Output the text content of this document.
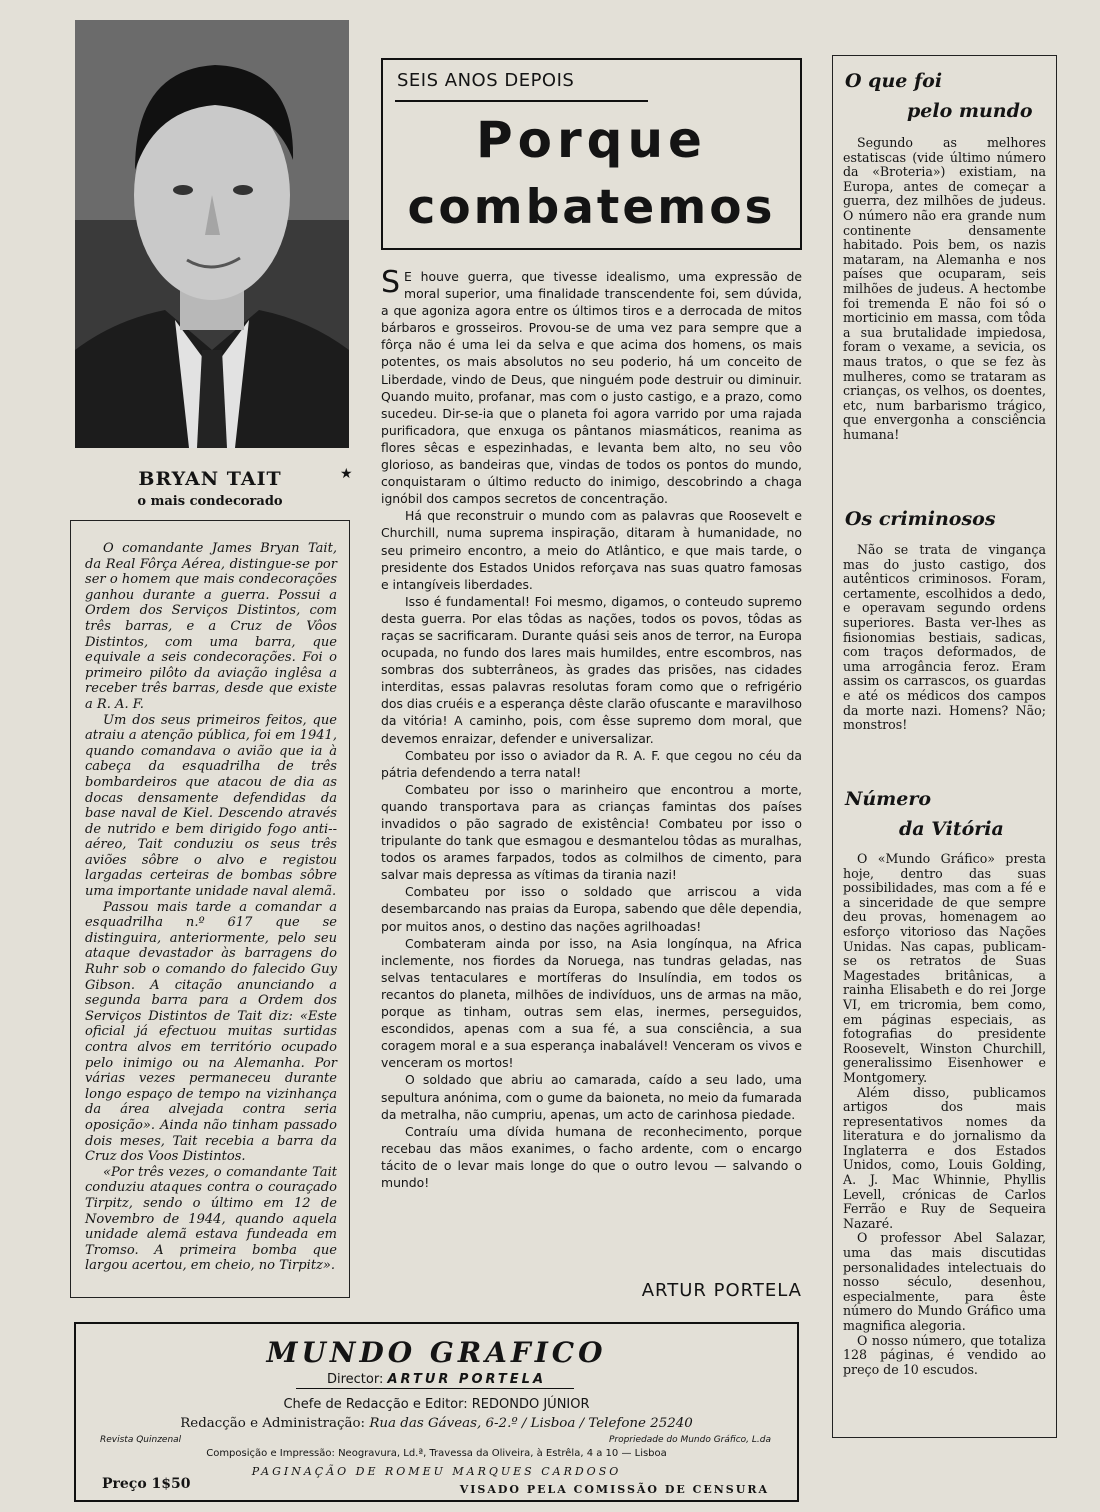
BRYAN TAIT	★
o mais condecorado

O comandante James Bryan Tait, da Real Fôrça Aérea, distingue-se por ser o homem que mais condecorações ganhou durante a guerra. Possui a Ordem dos Serviços Distintos, com três barras, e a Cruz de Vôos Distintos, com uma barra, que equivale a seis condecorações. Foi o primeiro pilôto da aviação inglêsa a receber três barras, desde que existe a R. A. F.

Um dos seus primeiros feitos, que atraiu a atenção pública, foi em 1941, quando comandava o avião que ia à cabeça da esquadrilha de três bombardeiros que atacou de dia as docas densamente defendidas da base naval de Kiel. Descendo através de nutrido e bem dirigido fogo anti--aéreo, Tait conduziu os seus três aviões sôbre o alvo e registou largadas certeiras de bombas sôbre uma importante unidade naval alemã.

Passou mais tarde a comandar a esquadrilha n.º 617 que se distinguira, anteriormente, pelo seu ataque devastador às barragens do Ruhr sob o comando do falecido Guy Gibson. A citação anunciando a segunda barra para a Ordem dos Serviços Distintos de Tait diz: «Este oficial já efectuou muitas surtidas contra alvos em território ocupado pelo inimigo ou na Alemanha. Por várias vezes permaneceu durante longo espaço de tempo na vizinhança da área alvejada contra seria oposição». Ainda não tinham passado dois meses, Tait recebia a barra da Cruz dos Voos Distintos.

«Por três vezes, o comandante Tait conduziu ataques contra o couraçado Tirpitz, sendo o último em 12 de Novembro de 1944, quando aquela unidade alemã estava fundeada em Tromso. A primeira bomba que largou acertou, em cheio, no Tirpitz».

SEIS ANOS DEPOIS
Porque
combatemos

S E houve guerra, que tivesse idealismo, uma expressão de moral superior, uma finalidade transcendente foi, sem dúvida, a que agoniza agora entre os últimos tiros e a derrocada de mitos bárbaros e grosseiros. Provou-se de uma vez para sempre que a fôrça não é uma lei da selva e que acima dos homens, os mais potentes, os mais absolutos no seu poderio, há um conceito de Liberdade, vindo de Deus, que ninguém pode destruir ou diminuir. Quando muito, profanar, mas com o justo castigo, e a prazo, como sucedeu. Dir-se-ia que o planeta foi agora varrido por uma rajada purificadora, que enxuga os pântanos miasmáticos, reanima as flores sêcas e espezinhadas, e levanta bem alto, no seu vôo glorioso, as bandeiras que, vindas de todos os pontos do mundo, conquistaram o último reducto do inimigo, descobrindo a chaga ignóbil dos campos secretos de concentração.

Há que reconstruir o mundo com as palavras que Roosevelt e Churchill, numa suprema inspiração, ditaram à humanidade, no seu primeiro encontro, a meio do Atlântico, e que mais tarde, o presidente dos Estados Unidos reforçava nas suas quatro famosas e intangíveis liberdades.

Isso é fundamental! Foi mesmo, digamos, o conteudo supremo desta guerra. Por elas tôdas as nações, todos os povos, tôdas as raças se sacrificaram. Durante quási seis anos de terror, na Europa ocupada, no fundo dos lares mais humildes, entre escombros, nas sombras dos subterrâneos, às grades das prisões, nas cidades interditas, essas palavras resolutas foram como que o refrigério dos dias cruéis e a esperança dêste clarão ofuscante e maravilhoso da vitória! A caminho, pois, com êsse supremo dom moral, que devemos enraizar, defender e universalizar.

Combateu por isso o aviador da R. A. F. que cegou no céu da pátria defendendo a terra natal!

Combateu por isso o marinheiro que encontrou a morte, quando transportava para as crianças famintas dos países invadidos o pão sagrado de existência! Combateu por isso o tripulante do tank que esmagou e desmantelou tôdas as muralhas, todos os arames farpados, todos as colmilhos de cimento, para salvar mais depressa as vítimas da tirania nazi!

Combateu por isso o soldado que arriscou a vida desembarcando nas praias da Europa, sabendo que dêle dependia, por muitos anos, o destino das nações agrilhoadas!

Combateram ainda por isso, na Asia longínqua, na Africa inclemente, nos fiordes da Noruega, nas tundras geladas, nas selvas tentaculares e mortíferas do Insulíndia, em todos os recantos do planeta, milhões de indivíduos, uns de armas na mão, porque as tinham, outras sem elas, inermes, perseguidos, escondidos, apenas com a sua fé, a sua consciência, a sua coragem moral e a sua esperança inabalável! Venceram os vivos e venceram os mortos!

O soldado que abriu ao camarada, caído a seu lado, uma sepultura anónima, com o gume da baioneta, no meio da fumarada da metralha, não cumpriu, apenas, um acto de carinhosa piedade.

Contraíu uma dívida humana de reconhecimento, porque recebau das mãos exanimes, o facho ardente, com o encargo tácito de o levar mais longe do que o outro levou — salvando o mundo!

ARTUR PORTELA
O que foi
pelo mundo

Segundo as melhores estatiscas (vide último número da «Broteria») existiam, na Europa, antes de começar a guerra, dez milhões de judeus. O número não era grande num continente densamente habitado. Pois bem, os nazis mataram, na Alemanha e nos países que ocuparam, seis milhões de judeus. A hectombe foi tremenda E não foi só o morticinio em massa, com tôda a sua brutalidade impiedosa, foram o vexame, a sevicia, os maus tratos, o que se fez às mulheres, como se trataram as crianças, os velhos, os doentes, etc, num barbarismo trágico, que envergonha a consciência humana!

Os criminosos

Não se trata de vingança mas do justo castigo, dos autênticos criminosos. Foram, certamente, escolhidos a dedo, e operavam segundo ordens superiores. Basta ver-lhes as fisionomias bestiais, sadicas, com traços deformados, de uma arrogância feroz. Eram assim os carrascos, os guardas e até os médicos dos campos da morte nazi. Homens? Não; monstros!

Número
da Vitória

O «Mundo Gráfico» presta hoje, dentro das suas possibilidades, mas com a fé e a sinceridade de que sempre deu provas, homenagem ao esforço vitorioso das Nações Unidas. Nas capas, publicam-se os retratos de Suas Magestades britânicas, a rainha Elisabeth e do rei Jorge VI, em tricromia, bem como, em páginas especiais, as fotografias do presidente Roosevelt, Winston Churchill, generalissimo Eisenhower e Montgomery.

Além disso, publicamos artigos dos mais representativos nomes da literatura e do jornalismo da Inglaterra e dos Estados Unidos, como, Louis Golding, A. J. Mac Whinnie, Phyllis Levell, crónicas de Carlos Ferrão e Ruy de Sequeira Nazaré.

O professor Abel Salazar, uma das mais discutidas personalidades intelectuais do nosso século, desenhou, especialmente, para êste número do Mundo Gráfico uma magnifica alegoria.

O nosso número, que totaliza 128 páginas, é vendido ao preço de 10 escudos.

MUNDO GRAFICO
Director: ARTUR PORTELA
Chefe de Redacção e Editor: REDONDO JÚNIOR
Redacção e Administração: Rua das Gáveas, 6-2.º / Lisboa / Telefone 25240
Revista Quinzenal	Propriedade do Mundo Gráfico, L.da
Composição e Impressão: Neogravura, Ld.ª, Travessa da Oliveira, à Estrêla, 4 a 10 — Lisboa
PAGINAÇÃO DE ROMEU MARQUES CARDOSO
Preço 1$50	VISADO PELA COMISSÃO DE CENSURA
